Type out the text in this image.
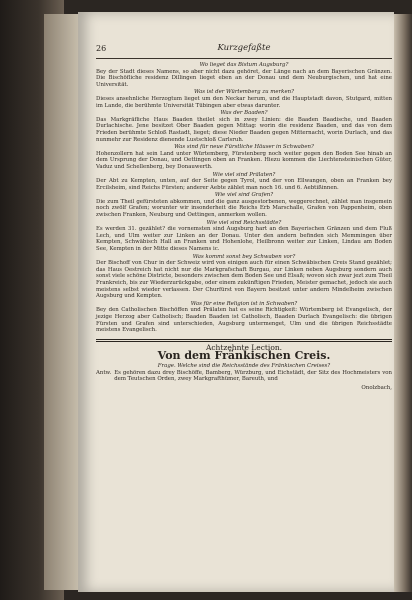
26	Kurzgefaßte

Wo lieget das Bistum Augsburg?

Bey der Stadt dieses Namens, so aber nicht dazu gehöret, der Länge nach an dem Bayerischen Gränzen. Die Bischöfliche residenz Dillingen lieget eben an der Donau und dem Neuburgischen, und hat eine Universität.

Was ist der Würtemberg zu merken?

Dieses ansehnliche Herzogtum lieget um den Neckar herum, und die Hauptstadt davon, Stutgard, mitten im Lande, die berühmte Universität Tübingen aber etwas darunter.

Was der Baaden?

Das Markgräfliche Haus Baaden theilet sich in zwey Linien: die Baaden Baadische, und Baaden Durlachische. Jene besitzet Ober Baaden gegen Mittag: worin die residenz Baaden, und das von dem Frieden berühmte Schloß Rastadt, lieget; diese Nieder Baaden gegen Mitternacht, worin Durlach, und das nunmehr zur Residenz dienende Lustschloß Carlsruh.

Was sind für neue Fürstliche Häuser in Schwaben?

Hohenzollern hat sein Land unter Würtemberg, Fürstenberg noch weiter gegen den Boden See hinab an dem Ursprung der Donau, und Oettingen oben an Franken. Hiezu kommen die Liechtensteinischen Güter, Vaduz und Schellenberg, bey Donauwerth.

Wie viel sind Prälaten?

Der Abt zu Kempten, unten, auf der Seite gegen Tyrol, und der von Ellwangen, oben an Franken bey Ercilsheim, sind Reichs Fürsten; anderer Aebte zählet man noch 16. und 6. Aebtißinnen.

Wie viel sind Grafen?

Die zum Theil gefürsteten abkommen, und die ganz ausgestorbenen, weggerechnet, zählet man insgemein noch zwölf Grafen; worunter wir insonderheit die Reichs Erb Marschalle, Grafen von Pappenheim, oben zwischen Franken, Neuburg und Oettingen, anmerken wollen.

Wie viel sind Reichsstädte?

Es werden 31. gezählet? die vornemsten sind Augsburg hart an den Bayerischen Gränzen und dem Fluß Lech, und Ulm weiter zur Linken an der Donau. Unter den andern befinden sich Memmingen über Kempten, Schwäbisch Hall an Franken und Hohenlohe, Heilbronn weiter zur Linken, Lindau am Boden See, Kempten in der Mitte dieses Namens ic.

Was kommt sonst bey Schwaben vor?

Der Bischoff von Chur in der Schweiz wird von einigen auch für einen Schwäbischen Creis Stand gezählet; das Haus Oestreich hat nicht nur die Markgrafschaft Burgau, zur Linken neben Augsburg sondern auch sonst viele schöne Districte, besonders zwischen dem Boden See und Elsaß; wovon sich zwar jezt zum Theil Frankreich, bis zur Wiederzurückgabe, oder einem zukünftigen Frieden, Meister gemachet, jedoch sie auch meistens selbst wieder verlassen. Der Churfürst von Bayern besitzet unter andern Mindelheim zwischen Augsburg und Kempten.

Was für eine Religion ist in Schwaben?

Bey den Catholischen Bischöffen und Prälaten hat es seine Richtigkeit: Würtemberg ist Evangelisch, der jezige Herzog aber Catholisch; Baaden Baaden ist Catholisch, Baaden Durlach Evangelisch: die übrigen Fürsten und Grafen sind unterschieden, Augsburg untermenget, Ulm und die übrigen Reichsstädte meistens Evangelisch.

Achtzehnte Lection.
Von dem Fränkischen Creis.

Frage. Welche sind die Reichsstände des Fränkischen Creises?

Antw. Es gehören dazu drey Bischöffe, Bamberg, Würzburg, und Eichstädt, der Sitz des Hochmeisters von dem Teutschen Orden, zwey Markgrafthümer, Bareuth, und

Onolzbach,
